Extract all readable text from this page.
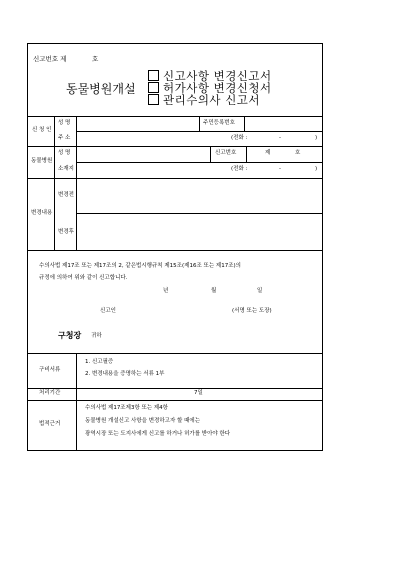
신고번호 제	호
동물병원개설
신고사항 변경신고서
허가사항 변경신청서
관리수의사 신고서
신 청 인
성 명	주민등록번호
주 소	(전화 :	-	)
동물병원
성 명	신고번호	제	호
소재지	(전화 :	-	)
변경내용
변경전
변경후
수의사법 제17조 또는 제17조의 2, 같은법시행규칙 제15조(제16조 또는 제17조)의
규정에 의하여 위와 같이 신고합니다.
년	월	일
신고인	(서명 또는 도장)
구청장 귀하
구비서류
1. 신고필증
2. 변경내용을 증명하는 서류 1부
처리기간	7일
법적근거
수의사법 제17조제3항 또는 제4항
동물병원 개설신고 사항을 변경하고자 할 때에는
광역시장 또는 도지사에게 신고를 하거나 허가를 받아야 한다
